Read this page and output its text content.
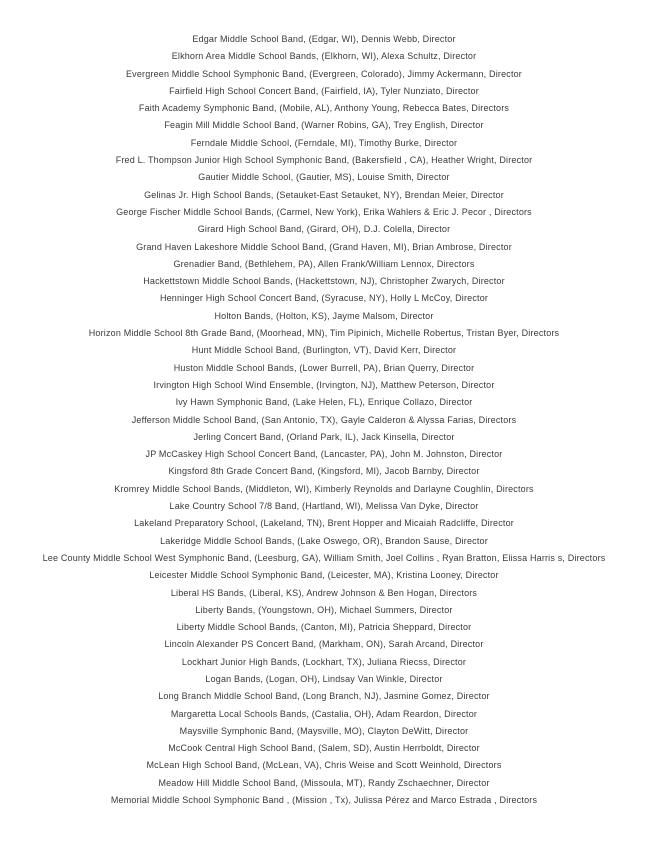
Edgar Middle School Band, (Edgar, WI), Dennis Webb, Director
Elkhorn Area Middle School Bands, (Elkhorn, WI), Alexa Schultz, Director
Evergreen Middle School Symphonic Band, (Evergreen, Colorado), Jimmy Ackermann, Director
Fairfield High School Concert Band, (Fairfield, IA), Tyler Nunziato, Director
Faith Academy Symphonic Band, (Mobile, AL), Anthony Young, Rebecca Bates, Directors
Feagin Mill Middle School Band, (Warner Robins, GA), Trey English, Director
Ferndale Middle School, (Ferndale, MI), Timothy Burke, Director
Fred L. Thompson Junior High School Symphonic Band, (Bakersfield , CA), Heather Wright, Director
Gautier Middle School, (Gautier, MS), Louise Smith, Director
Gelinas Jr. High School Bands, (Setauket-East Setauket, NY), Brendan Meier, Director
George Fischer Middle School Bands, (Carmel, New York), Erika Wahlers & Eric J. Pecor , Directors
Girard High School Band, (Girard, OH), D.J. Colella, Director
Grand Haven Lakeshore Middle School Band, (Grand Haven, MI), Brian Ambrose, Director
Grenadier Band, (Bethlehem, PA), Allen Frank/William Lennox, Directors
Hackettstown Middle School Bands, (Hackettstown, NJ), Christopher Zwarych, Director
Henninger High School Concert Band, (Syracuse, NY), Holly L McCoy, Director
Holton Bands, (Holton, KS), Jayme Malsom, Director
Horizon Middle School 8th Grade Band, (Moorhead, MN), Tim Pipinich, Michelle Robertus, Tristan Byer, Directors
Hunt Middle School Band, (Burlington, VT), David Kerr, Director
Huston Middle School Bands, (Lower Burrell, PA), Brian Querry, Director
Irvington High School Wind Ensemble, (Irvington, NJ), Matthew Peterson, Director
Ivy Hawn Symphonic Band, (Lake Helen, FL), Enrique Collazo, Director
Jefferson Middle School Band, (San Antonio, TX), Gayle Calderon & Alyssa Farias, Directors
Jerling Concert Band, (Orland Park, IL), Jack Kinsella, Director
JP McCaskey High School Concert Band, (Lancaster, PA), John M. Johnston, Director
Kingsford 8th Grade Concert Band, (Kingsford, MI), Jacob Barnby, Director
Kromrey Middle School Bands, (Middleton, WI), Kimberly Reynolds and Darlayne Coughlin, Directors
Lake Country School 7/8 Band, (Hartland, WI), Melissa Van Dyke, Director
Lakeland Preparatory School, (Lakeland, TN), Brent Hopper and Micaiah Radcliffe, Director
Lakeridge Middle School Bands, (Lake Oswego, OR), Brandon Sause, Director
Lee County Middle School West Symphonic Band, (Leesburg, GA), William Smith, Joel Collins , Ryan Bratton, Elissa Harris s, Directors
Leicester Middle School Symphonic Band, (Leicester, MA), Kristina Looney, Director
Liberal HS Bands, (Liberal, KS), Andrew Johnson & Ben Hogan, Directors
Liberty Bands, (Youngstown, OH), Michael Summers, Director
Liberty Middle School Bands, (Canton, MI), Patricia Sheppard, Director
Lincoln Alexander PS Concert Band, (Markham, ON), Sarah Arcand, Director
Lockhart Junior High Bands, (Lockhart, TX), Juliana Riecss, Director
Logan Bands, (Logan, OH), Lindsay Van Winkle, Director
Long Branch Middle School Band, (Long Branch, NJ), Jasmine Gomez, Director
Margaretta Local Schools Bands, (Castalia, OH), Adam Reardon, Director
Maysville Symphonic Band, (Maysville, MO), Clayton DeWitt, Director
McCook Central High School Band, (Salem, SD), Austin Herrboldt, Director
McLean High School Band, (McLean, VA), Chris Weise and Scott Weinhold, Directors
Meadow Hill Middle School Band, (Missoula, MT), Randy Zschaechner, Director
Memorial Middle School Symphonic Band , (Mission , Tx), Julissa Pérez and Marco Estrada , Directors
